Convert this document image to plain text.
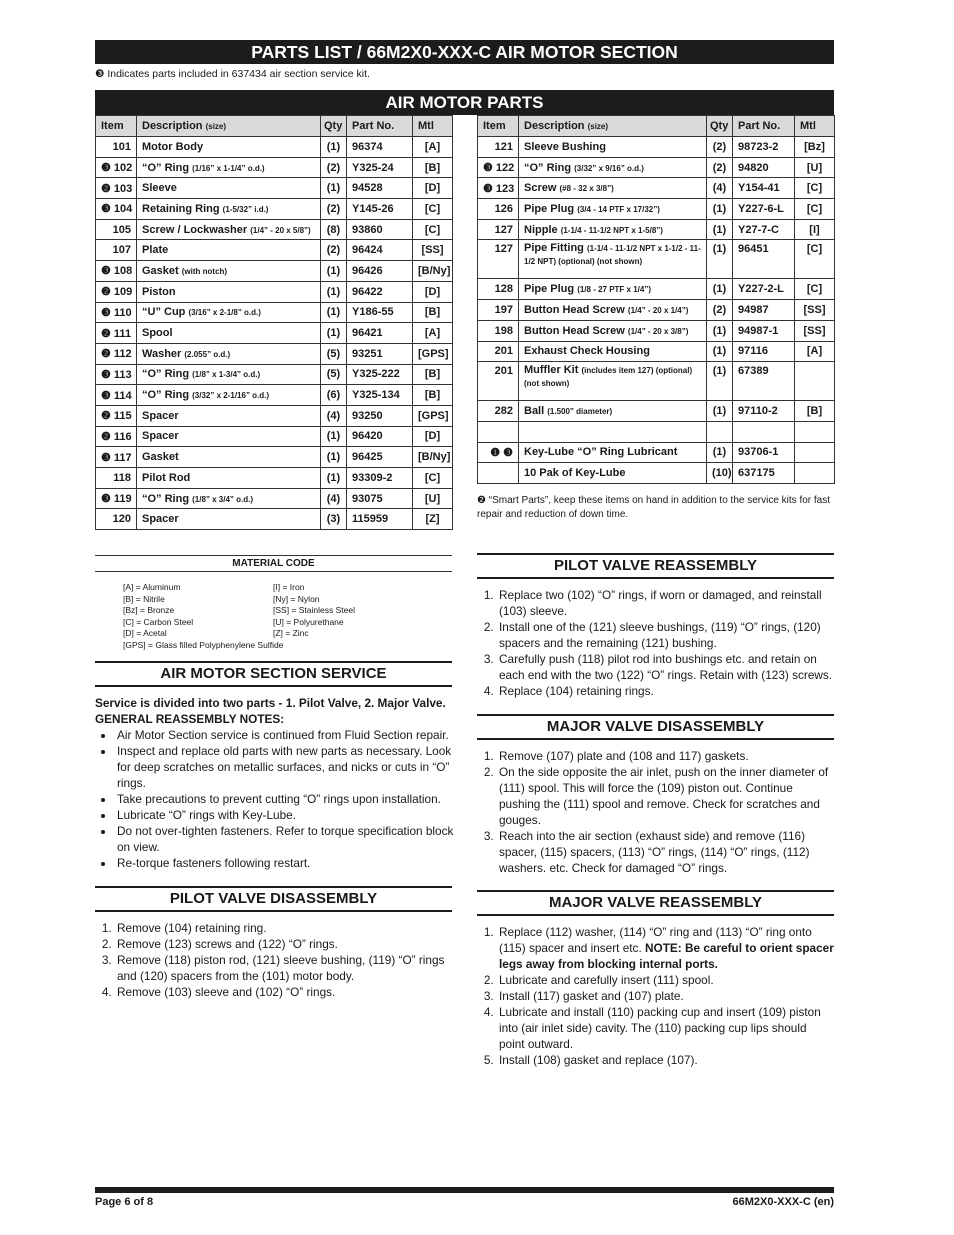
PARTS LIST / 66M2X0-XXX-C AIR MOTOR SECTION
❸ Indicates parts included in 637434 air section service kit.
AIR MOTOR PARTS
Item	Description (size)	Qty	Part No.	Mtl
101	Motor Body	(1)	96374	[A]
❸ 102	“O” Ring (1/16” x 1-1/4” o.d.)	(2)	Y325-24	[B]
❷ 103	Sleeve	(1)	94528	[D]
❸ 104	Retaining Ring (1-5/32” i.d.)	(2)	Y145-26	[C]
105	Screw / Lockwasher (1/4” - 20 x 5/8”)	(8)	93860	[C]
107	Plate	(2)	96424	[SS]
❸ 108	Gasket (with notch)	(1)	96426	[B/Ny]
❷ 109	Piston	(1)	96422	[D]
❸ 110	“U” Cup (3/16” x 2-1/8” o.d.)	(1)	Y186-55	[B]
❷ 111	Spool	(1)	96421	[A]
❷ 112	Washer (2.055” o.d.)	(5)	93251	[GPS]
❸ 113	“O” Ring (1/8” x 1-3/4” o.d.)	(5)	Y325-222	[B]
❸ 114	“O” Ring (3/32” x 2-1/16” o.d.)	(6)	Y325-134	[B]
❷ 115	Spacer	(4)	93250	[GPS]
❷ 116	Spacer	(1)	96420	[D]
❸ 117	Gasket	(1)	96425	[B/Ny]
118	Pilot Rod	(1)	93309-2	[C]
❸ 119	“O” Ring (1/8” x 3/4” o.d.)	(4)	93075	[U]
120	Spacer	(3)	115959	[Z]
Item	Description (size)	Qty	Part No.	Mtl
121	Sleeve Bushing	(2)	98723-2	[Bz]
❸ 122	“O” Ring (3/32” x 9/16” o.d.)	(2)	94820	[U]
❸ 123	Screw (#8 - 32 x 3/8”)	(4)	Y154-41	[C]
126	Pipe Plug (3/4 - 14 PTF x 17/32”)	(1)	Y227-6-L	[C]
127	Nipple (1-1/4 - 11-1/2 NPT x 1-5/8”)	(1)	Y27-7-C	[I]
127	Pipe Fitting (1-1/4 - 11-1/2 NPT x 1-1/2 - 11-1/2 NPT) (optional) (not shown)	(1)	96451	[C]
128	Pipe Plug (1/8 - 27 PTF x 1/4”)	(1)	Y227-2-L	[C]
197	Button Head Screw (1/4” - 20 x 1/4”)	(2)	94987	[SS]
198	Button Head Screw (1/4” - 20 x 3/8”)	(1)	94987-1	[SS]
201	Exhaust Check Housing	(1)	97116	[A]
201	Muffler Kit (includes item 127) (optional) (not shown)	(1)	67389	
282	Ball (1.500” diameter)	(1)	97110-2	[B]

❶ ❸	Key-Lube “O” Ring Lubricant	(1)	93706-1	
	10 Pak of Key-Lube	(10)	637175	
❷ “Smart Parts”, keep these items on hand in addition to the service kits for fast repair and reduction of down time.
MATERIAL CODE
[A] = Aluminum
[B] = Nitrile
[Bz] = Bronze
[C] = Carbon Steel
[D] = Acetal
[GPS] = Glass filled Polyphenylene Sulfide
[I] = Iron
[Ny] = Nylon
[SS] = Stainless Steel
[U] = Polyurethane
[Z] = Zinc
AIR MOTOR SECTION SERVICE
Service is divided into two parts - 1. Pilot Valve, 2. Major Valve.
GENERAL REASSEMBLY NOTES:
• Air Motor Section service is continued from Fluid Section repair.
• Inspect and replace old parts with new parts as necessary. Look for deep scratches on metallic surfaces, and nicks or cuts in “O” rings.
• Take precautions to prevent cutting “O” rings upon installation.
• Lubricate “O” rings with Key-Lube.
• Do not over-tighten fasteners. Refer to torque specification block on view.
• Re-torque fasteners following restart.
PILOT VALVE DISASSEMBLY
1. Remove (104) retaining ring.
2. Remove (123) screws and (122) “O” rings.
3. Remove (118) piston rod, (121) sleeve bushing, (119) “O” rings and (120) spacers from the (101) motor body.
4. Remove (103) sleeve and (102) “O” rings.
PILOT VALVE REASSEMBLY
1. Replace two (102) “O” rings, if worn or damaged, and reinstall (103) sleeve.
2. Install one of the (121) sleeve bushings, (119) “O” rings, (120) spacers and the remaining (121) bushing.
3. Carefully push (118) pilot rod into bushings etc. and retain on each end with the two (122) “O” rings. Retain with (123) screws.
4. Replace (104) retaining rings.
MAJOR VALVE DISASSEMBLY
1. Remove (107) plate and (108 and 117) gaskets.
2. On the side opposite the air inlet, push on the inner diameter of (111) spool. This will force the (109) piston out. Continue pushing the (111) spool and remove. Check for scratches and gouges.
3. Reach into the air section (exhaust side) and remove (116) spacer, (115) spacers, (113) “O” rings, (114) “O” rings, (112) washers. etc. Check for damaged “O” rings.
MAJOR VALVE REASSEMBLY
1. Replace (112) washer, (114) “O” ring and (113) “O” ring onto (115) spacer and insert etc. NOTE: Be careful to orient spacer legs away from blocking internal ports.
2. Lubricate and carefully insert (111) spool.
3. Install (117) gasket and (107) plate.
4. Lubricate and install (110) packing cup and insert (109) piston into (air inlet side) cavity. The (110) packing cup lips should point outward.
5. Install (108) gasket and replace (107).
Page 6 of 8	66M2X0-XXX-C (en)
